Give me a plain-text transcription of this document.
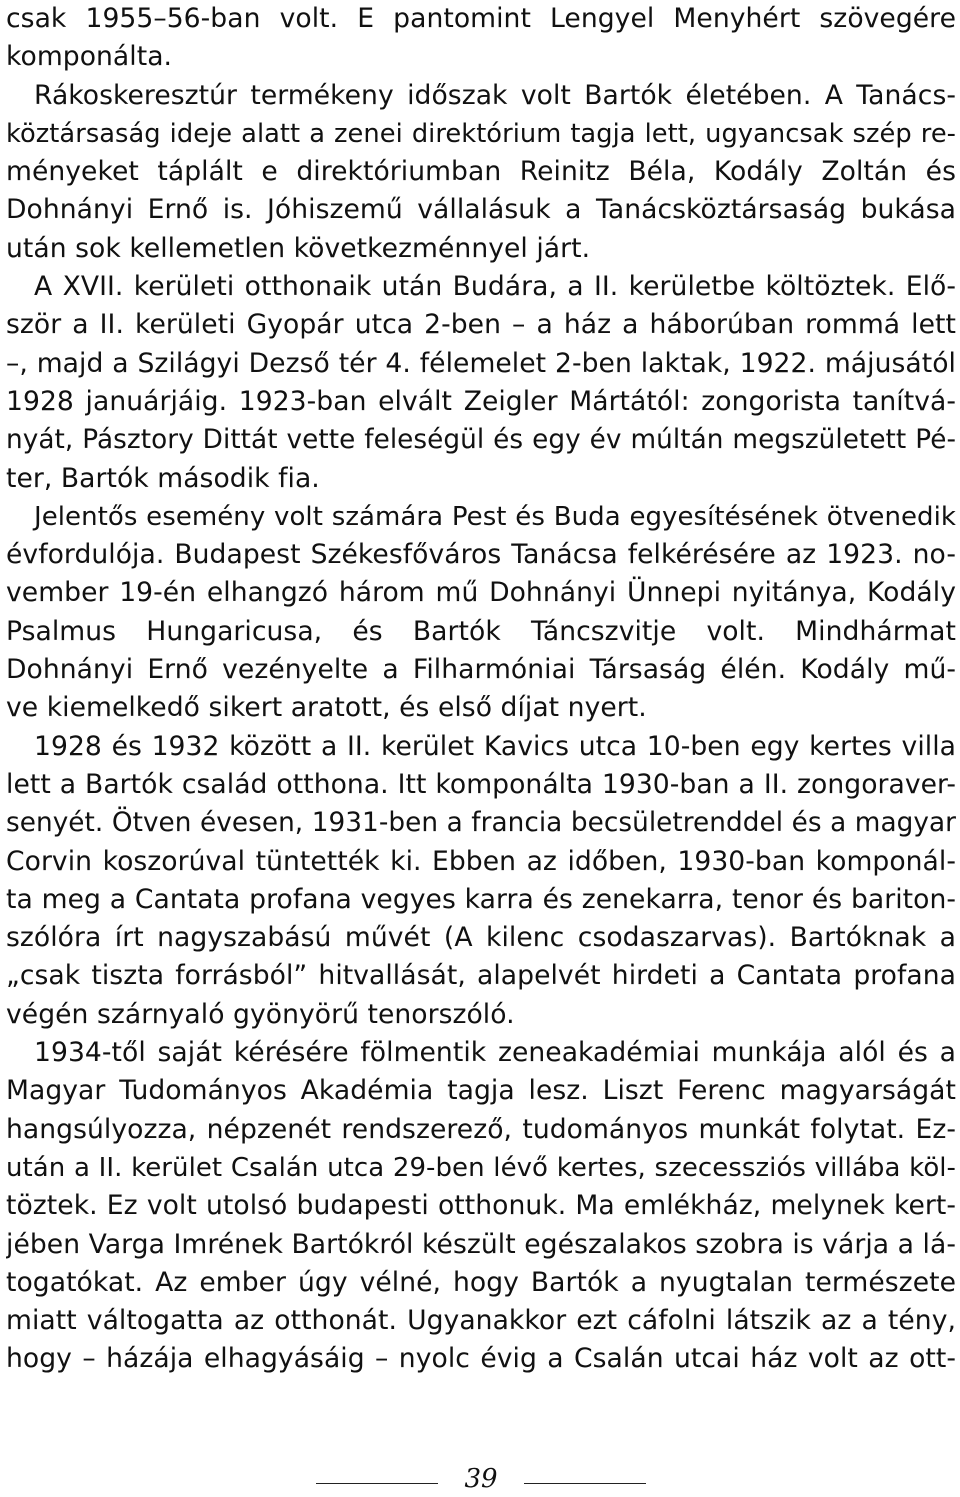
csak 1955–56-ban volt. E pantomint Lengyel Menyhért szövegére
komponálta.
Rákoskeresztúr termékeny időszak volt Bartók életében. A Tanács-
köztársaság ideje alatt a zenei direktórium tagja lett, ugyancsak szép re-
ményeket táplált e direktóriumban Reinitz Béla, Kodály Zoltán és
Dohnányi Ernő is. Jóhiszemű vállalásuk a Tanácsköztársaság bukása
után sok kellemetlen következménnyel járt.
A XVII. kerületi otthonaik után Budára, a II. kerületbe költöztek. Elő-
ször a II. kerületi Gyopár utca 2-ben – a ház a háborúban rommá lett
–, majd a Szilágyi Dezső tér 4. félemelet 2-ben laktak, 1922. májusától
1928 januárjáig. 1923-ban elvált Zeigler Mártától: zongorista tanítvá-
nyát, Pásztory Dittát vette feleségül és egy év múltán megszületett Pé-
ter, Bartók második fia.
Jelentős esemény volt számára Pest és Buda egyesítésének ötvenedik
évfordulója. Budapest Székesfőváros Tanácsa felkérésére az 1923. no-
vember 19-én elhangzó három mű Dohnányi Ünnepi nyitánya, Kodály
Psalmus Hungaricusa, és Bartók Táncszvitje volt. Mindhármat
Dohnányi Ernő vezényelte a Filharmóniai Társaság élén. Kodály mű-
ve kiemelkedő sikert aratott, és első díjat nyert.
1928 és 1932 között a II. kerület Kavics utca 10-ben egy kertes villa
lett a Bartók család otthona. Itt komponálta 1930-ban a II. zongoraver-
senyét. Ötven évesen, 1931-ben a francia becsületrenddel és a magyar
Corvin koszorúval tüntették ki. Ebben az időben, 1930-ban komponál-
ta meg a Cantata profana vegyes karra és zenekarra, tenor és bariton-
szólóra írt nagyszabású művét (A kilenc csodaszarvas). Bartóknak a
„csak tiszta forrásból” hitvallását, alapelvét hirdeti a Cantata profana
végén szárnyaló gyönyörű tenorszóló.
1934-től saját kérésére fölmentik zeneakadémiai munkája alól és a
Magyar Tudományos Akadémia tagja lesz. Liszt Ferenc magyarságát
hangsúlyozza, népzenét rendszerező, tudományos munkát folytat. Ez-
után a II. kerület Csalán utca 29-ben lévő kertes, szecessziós villába köl-
töztek. Ez volt utolsó budapesti otthonuk. Ma emlékház, melynek kert-
jében Varga Imrének Bartókról készült egészalakos szobra is várja a lá-
togatókat. Az ember úgy vélné, hogy Bartók a nyugtalan természete
miatt váltogatta az otthonát. Ugyanakkor ezt cáfolni látszik az a tény,
hogy – házája elhagyásáig – nyolc évig a Csalán utcai ház volt az ott-
39
